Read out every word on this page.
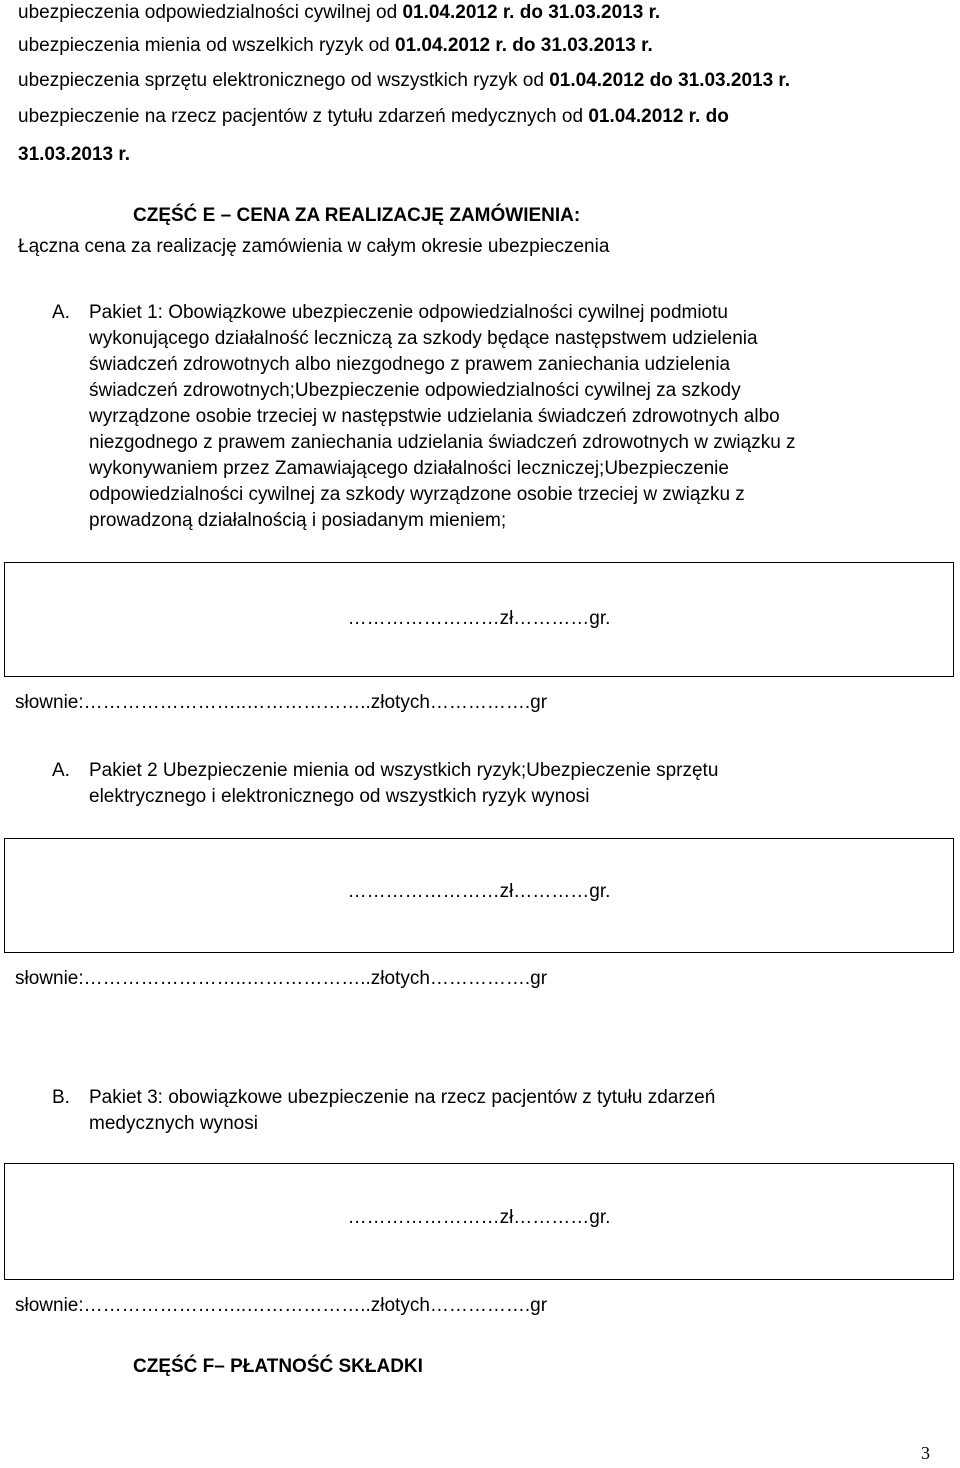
ubezpieczenia odpowiedzialności cywilnej od 01.04.2012 r. do 31.03.2013 r.
ubezpieczenia mienia od wszelkich ryzyk od 01.04.2012 r. do 31.03.2013 r.
ubezpieczenia sprzętu elektronicznego od wszystkich ryzyk od 01.04.2012 do 31.03.2013 r.
ubezpieczenie na rzecz pacjentów z tytułu zdarzeń medycznych od 01.04.2012 r. do
31.03.2013 r.
CZĘŚĆ E – CENA ZA REALIZACJĘ ZAMÓWIENIA:
Łączna cena za realizację zamówienia w całym okresie ubezpieczenia
A. Pakiet 1: Obowiązkowe ubezpieczenie odpowiedzialności cywilnej podmiotu
wykonującego działalność leczniczą za szkody będące następstwem udzielenia
świadczeń zdrowotnych albo niezgodnego z prawem zaniechania udzielenia
świadczeń zdrowotnych;Ubezpieczenie odpowiedzialności cywilnej za szkody
wyrządzone osobie trzeciej w następstwie udzielania świadczeń zdrowotnych albo
niezgodnego z prawem zaniechania udzielania świadczeń zdrowotnych w związku z
wykonywaniem przez Zamawiającego działalności leczniczej;Ubezpieczenie
odpowiedzialności cywilnej za szkody wyrządzone osobie trzeciej w związku z
prowadzoną działalnością i posiadanym mieniem;
……………………zł…………gr.
słownie:……………………..………………..złotych…………….gr
A. Pakiet 2 Ubezpieczenie mienia od wszystkich ryzyk;Ubezpieczenie sprzętu
elektrycznego i elektronicznego od wszystkich ryzyk wynosi
……………………zł…………gr.
słownie:……………………..………………..złotych…………….gr
B. Pakiet 3: obowiązkowe ubezpieczenie na rzecz pacjentów z tytułu zdarzeń
medycznych wynosi
……………………zł…………gr.
słownie:……………………..………………..złotych…………….gr
CZĘŚĆ F– PŁATNOŚĆ SKŁADKI
3
